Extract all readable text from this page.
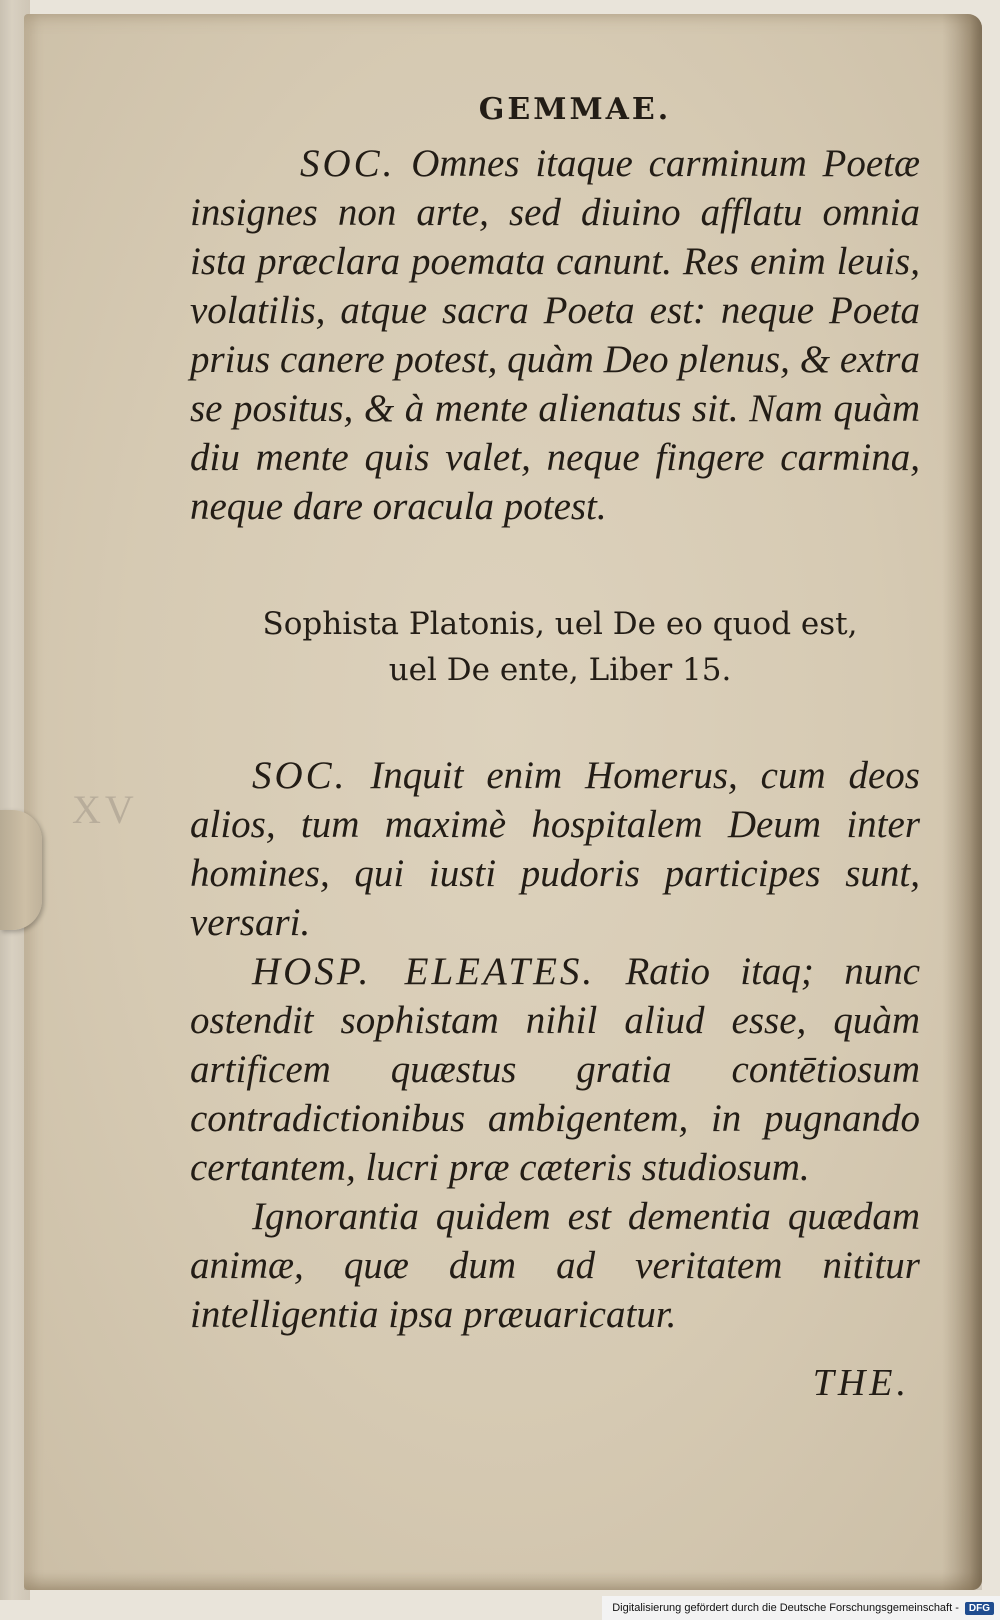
XV
GEMMAE.

SOC. Omnes itaque carminum Poetæ insignes non arte, sed diuino afflatu omnia ista præclara poemata canunt. Res enim leuis, volatilis, atque sacra Poeta est: neque Poeta prius canere potest, quàm Deo plenus, & extra se positus, & à mente alienatus sit. Nam quàm diu mente quis valet, neque fingere carmina, neque dare oracula potest.

Sophista Platonis, uel De eo quod est,
uel De ente, Liber 15.

SOC. Inquit enim Homerus, cum deos alios, tum maximè hospitalem Deum inter homines, qui iusti pudoris participes sunt, versari.

HOSP. ELEATES. Ratio itaq; nunc ostendit sophistam nihil aliud esse, quàm artificem quæstus gratia contētiosum contradictionibus ambigentem, in pugnando certantem, lucri præ cæteris studiosum.

Ignorantia quidem est dementia quædam animæ, quæ dum ad veritatem nititur intelligentia ipsa præuaricatur.

THE.
Digitalisierung gefördert durch die Deutsche Forschungsgemeinschaft -	DFG
